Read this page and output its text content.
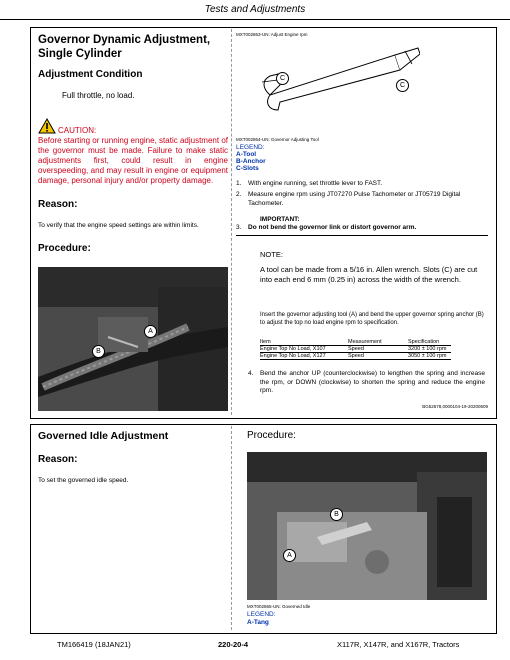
Tests and Adjustments
Governor Dynamic Adjustment, Single Cylinder
Adjustment Condition
Full throttle, no load.
CAUTION:
Before starting or running engine, static adjustment of the governor must be made. Failure to make static adjustments first, could result in engine overspeeding, and may result in engine or equipment damage, personal injury and/or property damage.
Reason:
To verify that the engine speed settings are within limits.
Procedure:
A
B
MXT002863-UN: Adjust Engine rpm
C
C
MXT002864-UN: Governor Adjusting Tool
LEGEND:
A-Tool
B-Anchor
C-Slots
1. With engine running, set throttle lever to FAST.
2. Measure engine rpm using JT07270 Pulse Tachometer or JT05719 Digital Tachometer.
IMPORTANT:
3. Do not bend the governor link or distort governor arm.
NOTE:
A tool can be made from a 5/16 in. Allen wrench. Slots (C) are cut into each end 6 mm (0.25 in) across the width of the wrench.
Insert the governor adjusting tool (A) and bend the upper governor spring anchor (B) to adjust the top no load engine rpm to specification.
Item	Measurement	Specification
Engine Top No Load, X107	Speed	3200 ± 100 rpm
Engine Top No Load, X127	Speed	3050 ± 100 rpm
4. Bend the anchor UP (counterclockwise) to lengthen the spring and increase the rpm, or DOWN (clockwise) to shorten the spring and reduce the engine rpm.
BG52578,0000104-19-20200609
Governed Idle Adjustment
Reason:
To set the governed idle speed.
Procedure:
B
A
MXT002865-UN: Governed Idle
LEGEND:
A-Tang
TM166419 (18JAN21)	220-20-4	X117R, X147R, and X167R, Tractors
